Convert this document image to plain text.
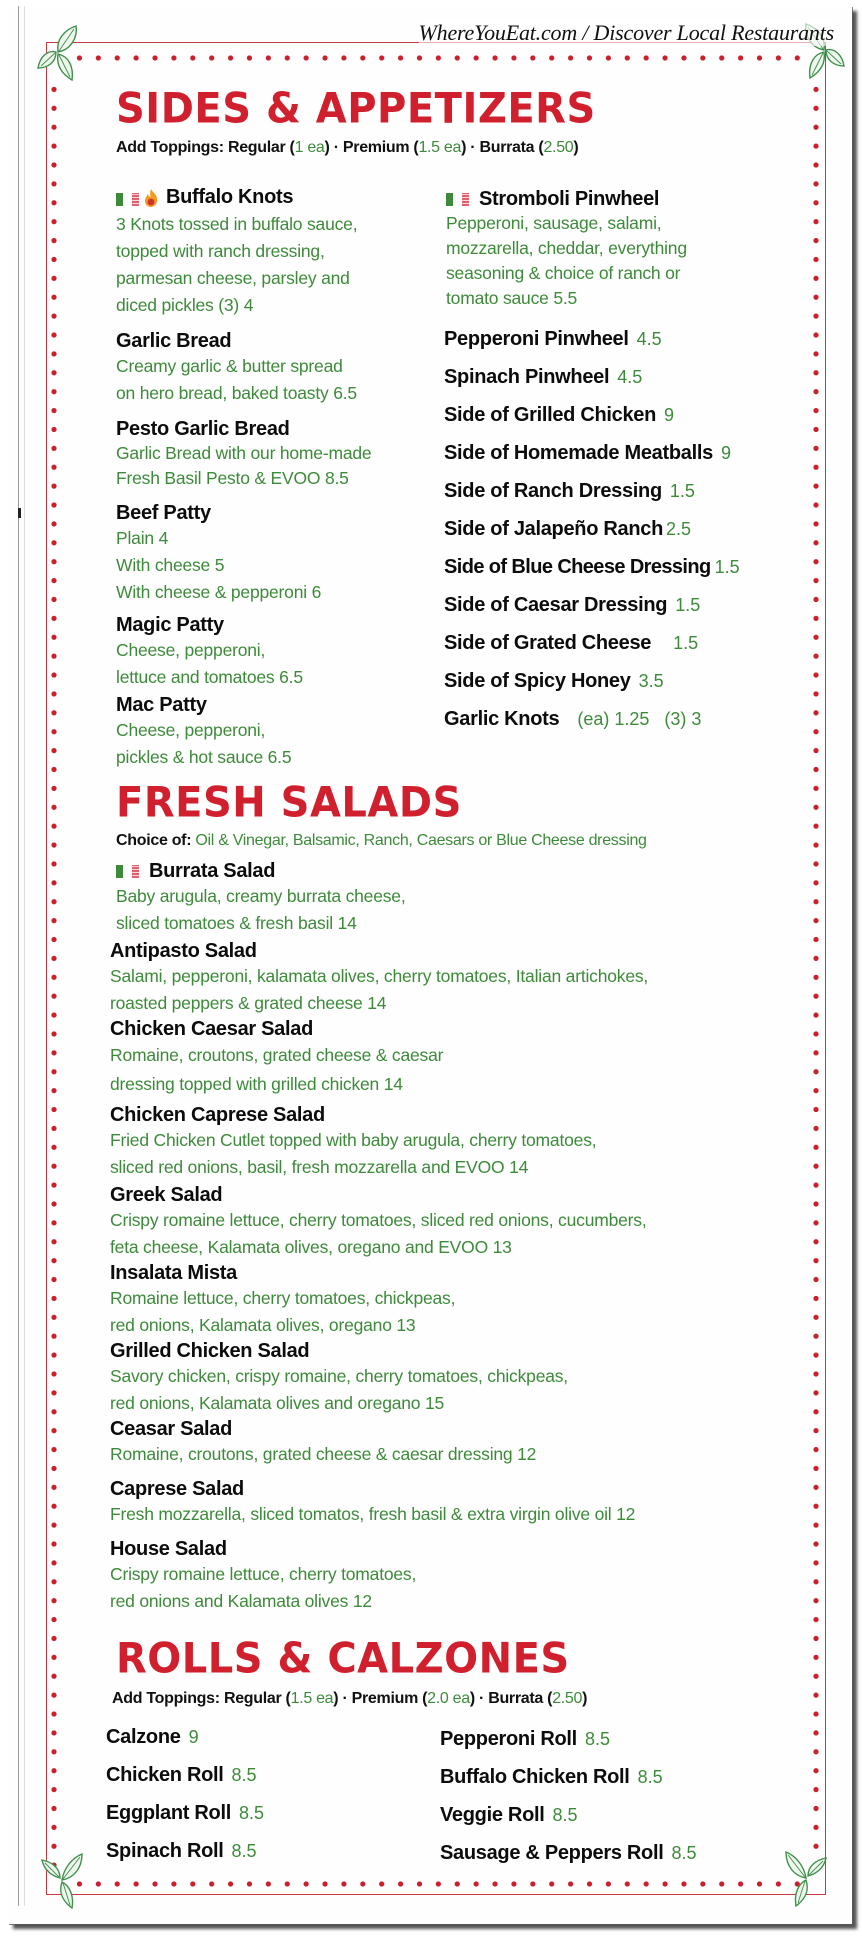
WhereYouEat.com / Discover Local Restaurants
SIDES & APPETIZERS
Add Toppings: Regular (1 ea) · Premium (1.5 ea) · Burrata (2.50)
Buffalo Knots
3 Knots tossed in buffalo sauce,
topped with ranch dressing,
parmesan cheese, parsley and
diced pickles (3) 4
Garlic Bread
Creamy garlic & butter spread
on hero bread, baked toasty 6.5
Pesto Garlic Bread
Garlic Bread with our home-made
Fresh Basil Pesto & EVOO 8.5
Beef Patty
Plain 4
With cheese 5
With cheese & pepperoni 6
Magic Patty
Cheese, pepperoni,
lettuce and tomatoes 6.5
Mac Patty
Cheese, pepperoni,
pickles & hot sauce 6.5
Stromboli Pinwheel
Pepperoni, sausage, salami,
mozzarella, cheddar, everything
seasoning & choice of ranch or
tomato sauce 5.5
Pepperoni Pinwheel 4.5
Spinach Pinwheel 4.5
Side of Grilled Chicken 9
Side of Homemade Meatballs 9
Side of Ranch Dressing 1.5
Side of Jalapeño Ranch 2.5
Side of Blue Cheese Dressing 1.5
Side of Caesar Dressing 1.5
Side of Grated Cheese 1.5
Side of Spicy Honey 3.5
Garlic Knots (ea) 1.25   (3) 3
FRESH SALADS
Choice of: Oil & Vinegar, Balsamic, Ranch, Caesars or Blue Cheese dressing
Burrata Salad
Baby arugula, creamy burrata cheese,
sliced tomatoes & fresh basil 14
Antipasto Salad
Salami, pepperoni, kalamata olives, cherry tomatoes, Italian artichokes,
roasted peppers & grated cheese 14
Chicken Caesar Salad
Romaine, croutons, grated cheese & caesar
dressing topped with grilled chicken 14
Chicken Caprese Salad
Fried Chicken Cutlet topped with baby arugula, cherry tomatoes,
sliced red onions, basil, fresh mozzarella and EVOO 14
Greek Salad
Crispy romaine lettuce, cherry tomatoes, sliced red onions, cucumbers,
feta cheese, Kalamata olives, oregano and EVOO 13
Insalata Mista
Romaine lettuce, cherry tomatoes, chickpeas,
red onions, Kalamata olives, oregano 13
Grilled Chicken Salad
Savory chicken, crispy romaine, cherry tomatoes, chickpeas,
red onions, Kalamata olives and oregano 15
Ceasar Salad
Romaine, croutons, grated cheese & caesar dressing 12
Caprese Salad
Fresh mozzarella, sliced tomatos, fresh basil & extra virgin olive oil 12
House Salad
Crispy romaine lettuce, cherry tomatoes,
red onions and Kalamata olives 12
ROLLS & CALZONES
Add Toppings: Regular (1.5 ea) · Premium (2.0 ea) · Burrata (2.50)
Calzone 9
Chicken Roll 8.5
Eggplant Roll 8.5
Spinach Roll 8.5
Pepperoni Roll 8.5
Buffalo Chicken Roll 8.5
Veggie Roll 8.5
Sausage & Peppers Roll 8.5
